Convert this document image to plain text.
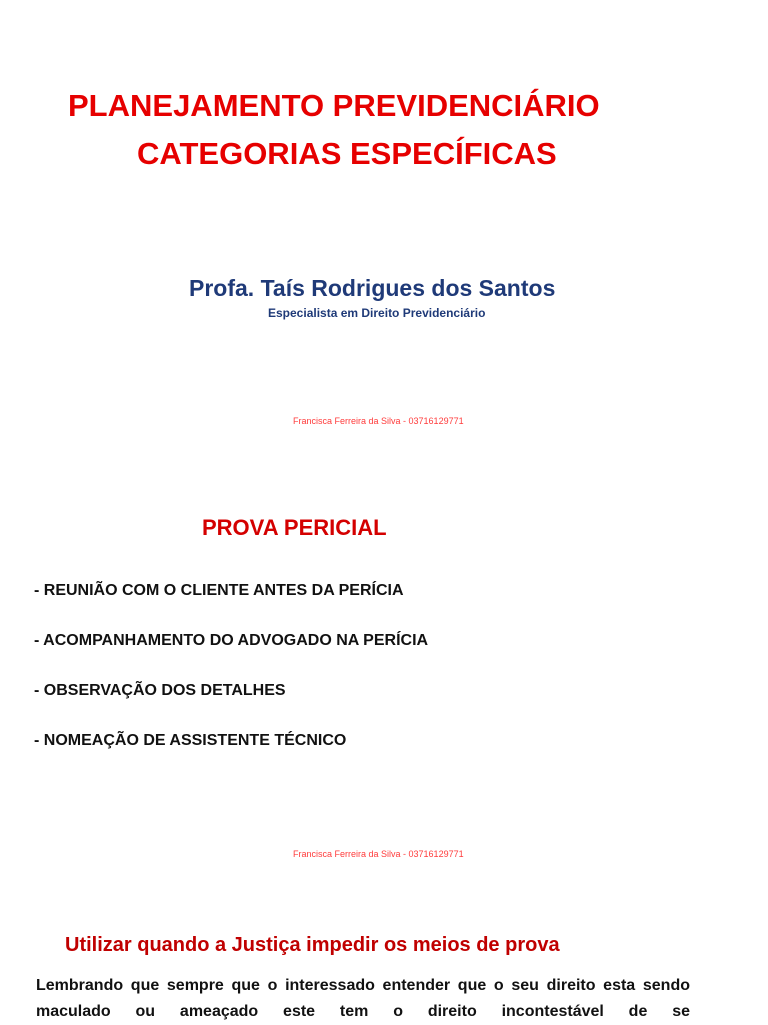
PLANEJAMENTO PREVIDENCIÁRIO
CATEGORIAS ESPECÍFICAS

Profa. Taís Rodrigues dos Santos

Especialista em Direito Previdenciário

Francisca Ferreira da Silva - 03716129771

PROVA PERICIAL
- REUNIÃO COM O CLIENTE ANTES DA PERÍCIA
- ACOMPANHAMENTO DO ADVOGADO NA PERÍCIA
- OBSERVAÇÃO DOS DETALHES
- NOMEAÇÃO DE ASSISTENTE TÉCNICO

Francisca Ferreira da Silva - 03716129771

Utilizar quando a Justiça impedir os meios de prova

Lembrando que sempre que o interessado entender que o seu direito esta sendo maculado ou ameaçado este tem o direito incontestável de se
